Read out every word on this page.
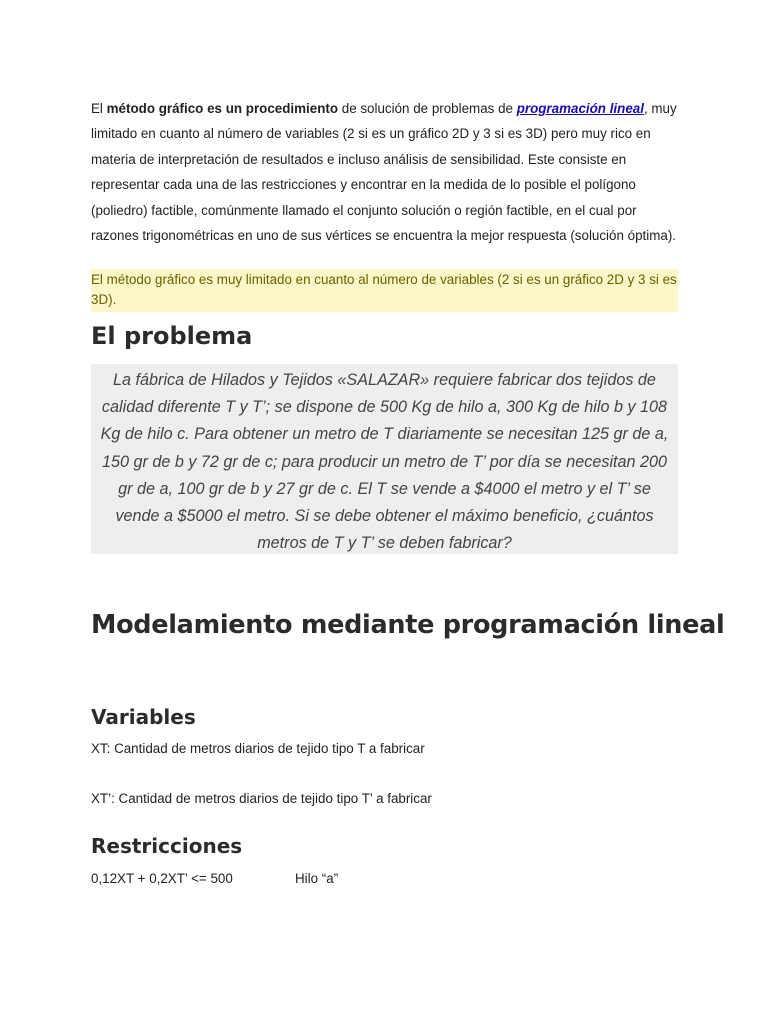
El método gráfico es un procedimiento de solución de problemas de programación lineal, muy limitado en cuanto al número de variables (2 si es un gráfico 2D y 3 si es 3D) pero muy rico en materia de interpretación de resultados e incluso análisis de sensibilidad. Este consiste en representar cada una de las restricciones y encontrar en la medida de lo posible el polígono (poliedro) factible, comúnmente llamado el conjunto solución o región factible, en el cual por razones trigonométricas en uno de sus vértices se encuentra la mejor respuesta (solución óptima).
El método gráfico es muy limitado en cuanto al número de variables (2 si es un gráfico 2D y 3 si es 3D).
El problema

La fábrica de Hilados y Tejidos «SALAZAR» requiere fabricar dos tejidos de calidad diferente T y T’; se dispone de 500 Kg de hilo a, 300 Kg de hilo b y 108 Kg de hilo c. Para obtener un metro de T diariamente se necesitan 125 gr de a, 150 gr de b y 72 gr de c; para producir un metro de T’ por día se necesitan 200 gr de a, 100 gr de b y 27 gr de c. El T se vende a $4000 el metro y el T’ se vende a $5000 el metro. Si se debe obtener el máximo beneficio, ¿cuántos metros de T y T’ se deben fabricar?

Modelamiento mediante programación lineal
Variables
XT: Cantidad de metros diarios de tejido tipo T a fabricar
XT’: Cantidad de metros diarios de tejido tipo T’ a fabricar
Restricciones
0,12XT + 0,2XT’ <= 500	Hilo “a”
